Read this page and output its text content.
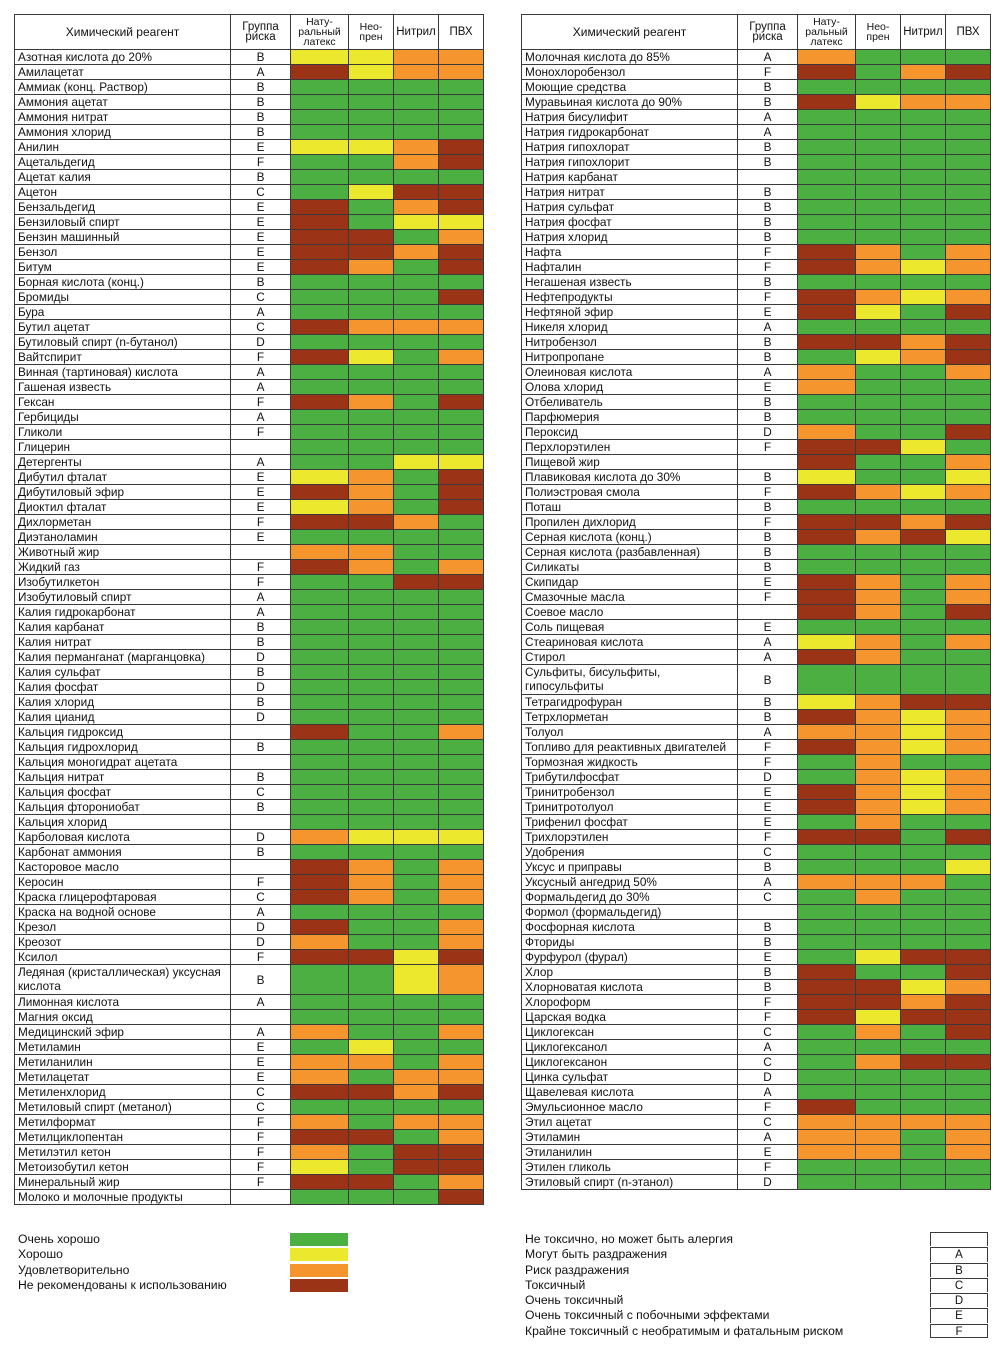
Химический реагент	Группа риска	Нату-ральный латекс	Нео-прен	Нитрил	ПВХ
Азотная кислота до 20%	B				
Амилацетат	A				
Аммиак (конц. Раствор)	B				
Аммония ацетат	B				
Аммония нитрат	B				
Аммония хлорид	B				
Анилин	E				
Ацетальдегид	F				
Ацетат калия	B				
Ацетон	C				
Бензальдегид	E				
Бензиловый спирт	E				
Бензин машинный	E				
Бензол	E				
Битум	E				
Борная кислота (конц.)	B				
Бромиды	C				
Бура	A				
Бутил ацетат	C				
Бутиловый спирт (n-бутанол)	D				
Вайтспирит	F				
Винная (тартиновая) кислота	A				
Гашеная известь	A				
Гексан	F				
Гербициды	A				
Гликоли	F				
Глицерин					
Детергенты	A				
Дибутил фталат	E				
Дибутиловый эфир	E				
Диоктил фталат	E				
Дихлорметан	F				
Диэтаноламин	E				
Животный жир					
Жидкий газ	F				
Изобутилкетон	F				
Изобутиловый спирт	A				
Калия гидрокарбонат	A				
Калия карбанат	B				
Калия нитрат	B				
Калия перманганат (марганцовка)	D				
Калия сульфат	B				
Калия фосфат	D				
Калия хлорид	B				
Калия цианид	D				
Кальция гидроксид					
Кальция гидрохлорид	B				
Кальция моногидрат ацетата					
Кальция нитрат	B				
Кальция фосфат	C				
Кальция фторониобат	B				
Кальция хлорид					
Карболовая кислота	D				
Карбонат аммония	B				
Касторовое масло					
Керосин	F				
Краска глицерофтаровая	C				
Краска на водной основе	A				
Крезол	D				
Креозот	D				
Ксилол	F				
Ледяная (кристаллическая) уксусная кислота	B				
Лимонная кислота	A				
Магния оксид					
Медицинский эфир	A				
Метиламин	E				
Метиланилин	E				
Метилацетат	E				
Метиленхлорид	C				
Метиловый спирт (метанол)	C				
Метилформат	F				
Метилциклопентан	F				
Метилэтил кетон	F				
Метоизобутил кетон	F				
Минеральный жир	F				
Молоко и молочные продукты					
Химический реагент	Группа риска	Нату-ральный латекс	Нео-прен	Нитрил	ПВХ
Молочная кислота до 85%	A				
Монохлоробензол	F				
Моющие средства	B				
Муравьиная кислота до 90%	B				
Натрия бисулифит	A				
Натрия гидрокарбонат	A				
Натрия гипохлорат	B				
Натрия гипохлорит	B				
Натрия карбанат					
Натрия нитрат	B				
Натрия сульфат	B				
Натрия фосфат	B				
Натрия хлорид	B				
Нафта	F				
Нафталин	F				
Негашеная известь	B				
Нефтепродукты	F				
Нефтяной эфир	E				
Никеля хлорид	A				
Нитробензол	B				
Нитропропане	B				
Олеиновая кислота	A				
Олова хлорид	E				
Отбеливатель	B				
Парфюмерия	B				
Пероксид	D				
Перхлорэтилен	F				
Пищевой жир					
Плавиковая кислота до 30%	B				
Полиэстровая смола	F				
Поташ	B				
Пропилен дихлорид	F				
Серная кислота (конц.)	B				
Серная кислота (разбавленная)	B				
Силикаты	B				
Скипидар	E				
Смазочные масла	F				
Соевое масло					
Соль пищевая	E				
Стеариновая кислота	A				
Стирол	A				
Сульфиты, бисульфиты, гипосульфиты	B				
Тетрагидрофуран	B				
Тетрхлорметан	B				
Толуол	A				
Топливо для реактивных двигателей	F				
Тормозная жидкость	F				
Трибутилфосфат	D				
Тринитробензол	E				
Тринитротолуол	E				
Трифенил фосфат	E				
Трихлорэтилен	F				
Удобрения	C				
Уксус и приправы	B				
Уксусный ангедрид 50%	A				
Формальдегид до 30%	C				
Формол (формальдегид)					
Фосфорная кислота	B				
Фториды	B				
Фурфурол (фурал)	E				
Хлор	B				
Хлорноватая кислота	B				
Хлороформ	F				
Царская водка	F				
Циклогексан	C				
Циклогексанол	A				
Циклогексанон	C				
Цинка сульфат	D				
Щавелевая кислота	A				
Эмульсионное масло	F				
Этил ацетат	C				
Этиламин	A				
Этиланилин	E				
Этилен гликоль	F				
Этиловый спирт (n-этанол)	D				
Очень хорошо
Хорошо
Удовлетворительно
Не рекомендованы к использованию
Не токсично, но может быть алергия
Могут быть раздражения	A
Риск раздражения	B
Токсичный	C
Очень токсичный	D
Очень токсичный с побочными эффектами	E
Крайне токсичный с необратимым и фатальным риском	F
